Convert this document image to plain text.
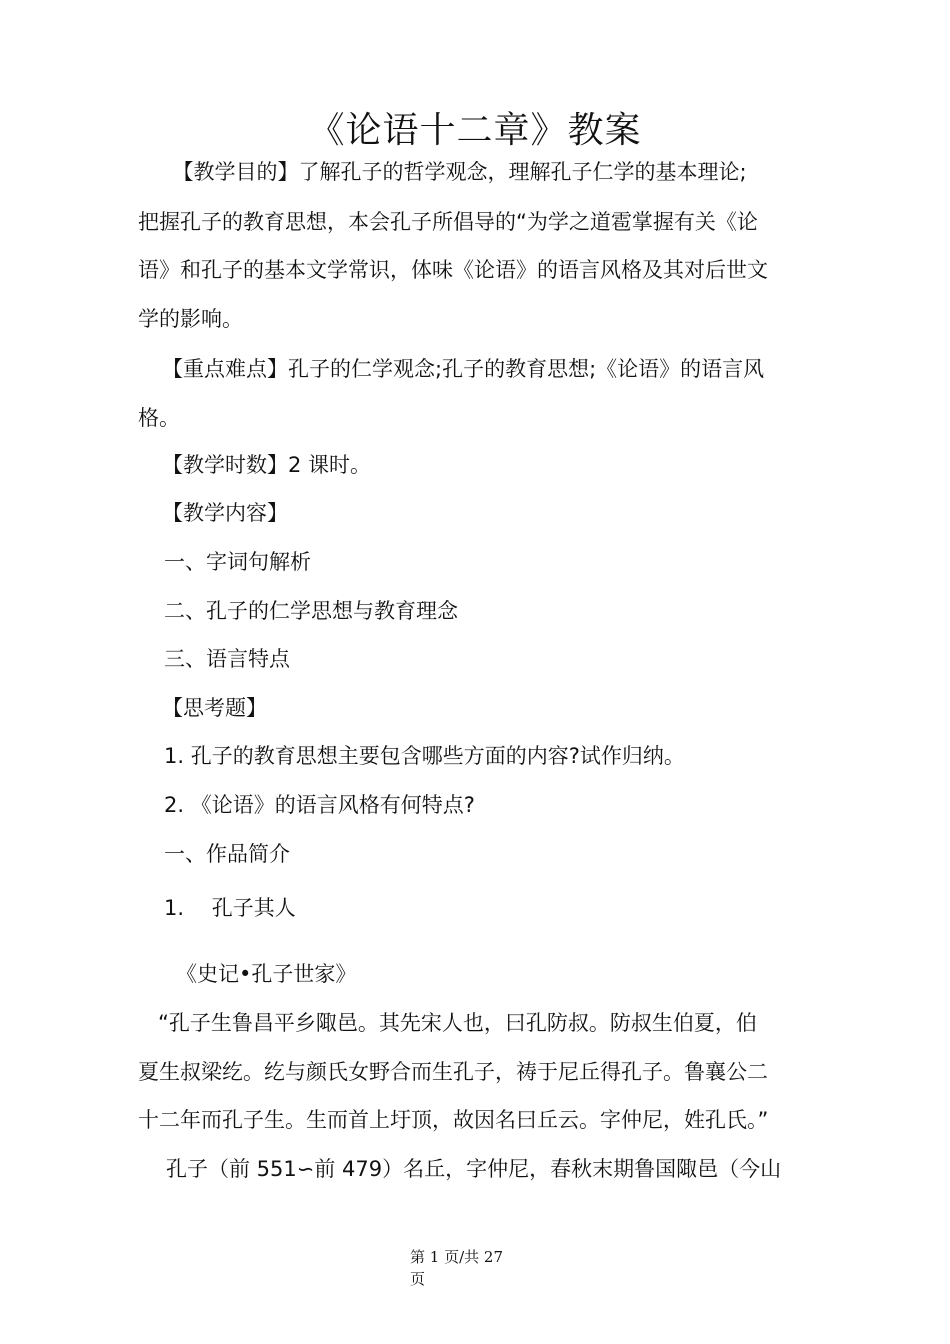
《论语十二章》教案

　【教学目的】了解孔子的哲学观念，理解孔子仁学的基本理论;

把握孔子的教育思想，本会孔子所倡导的“为学之道雹掌握有关《论

语》和孔子的基本文学常识，体味《论语》的语言风格及其对后世文

学的影响。

【重点难点】孔子的仁学观念;孔子的教育思想;《论语》的语言风

格。

【教学时数】2 课时。

【教学内容】

一、字词句解析

二、孔子的仁学思想与教育理念

三、语言特点

【思考题】

1. 孔子的教育思想主要包含哪些方面的内容?试作归纳。

2. 《论语》的语言风格有何特点?

一、作品简介

1.　 孔子其人

《史记•孔子世家》

“孔子生鲁昌平乡陬邑。其先宋人也，曰孔防叔。防叔生伯夏，伯

夏生叔梁纥。纥与颜氏女野合而生孔子，祷于尼丘得孔子。鲁襄公二

十二年而孔子生。生而首上圩顶，故因名曰丘云。字仲尼，姓孔氏。”

孔子（前 551∽前 479）名丘，字仲尼，春秋末期鲁国陬邑（今山

第 1 页/共 27
页
